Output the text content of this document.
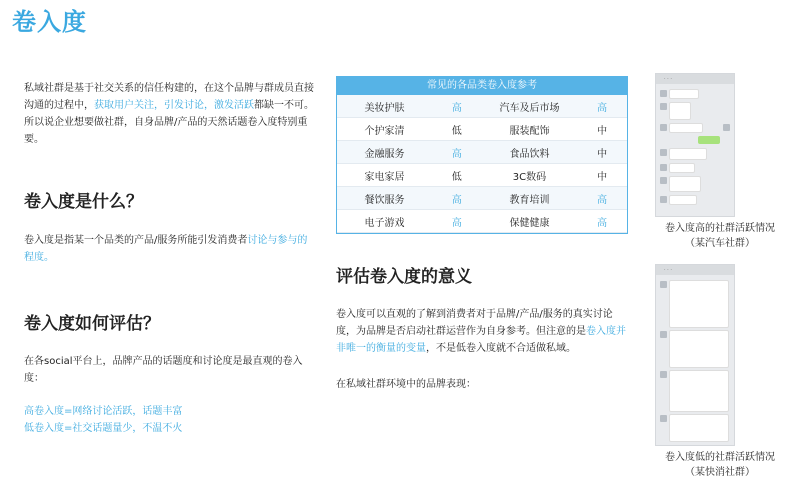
卷入度
私域社群是基于社交关系的信任构建的，在这个品牌与群成员直接沟通的过程中，获取用户关注，引发讨论，激发活跃都缺一不可。所以说企业想要做社群，自身品牌/产品的天然话题卷入度特别重要。
卷入度是什么？
卷入度是指某一个品类的产品/服务所能引发消费者讨论与参与的程度。
卷入度如何评估？
在各social平台上，品牌产品的话题度和讨论度是最直观的卷入度：
高卷入度=网络讨论活跃，话题丰富
低卷入度=社交话题量少，不温不火
常见的各品类卷入度参考
美妆护肤	高	汽车及后市场	高
个护家清	低	服装配饰	中
金融服务	高	食品饮料	中
家电家居	低	3C数码	中
餐饮服务	高	教育培训	高
电子游戏	高	保健健康	高
评估卷入度的意义
卷入度可以直观的了解到消费者对于品牌/产品/服务的真实讨论度，为品牌是否启动社群运营作为自身参考。但注意的是卷入度并非唯一的衡量的变量，不是低卷入度就不合适做私域。
在私域社群环境中的品牌表现：
· · ·
卷入度高的社群活跃情况
（某汽车社群）
· · ·
卷入度低的社群活跃情况
（某快消社群）
